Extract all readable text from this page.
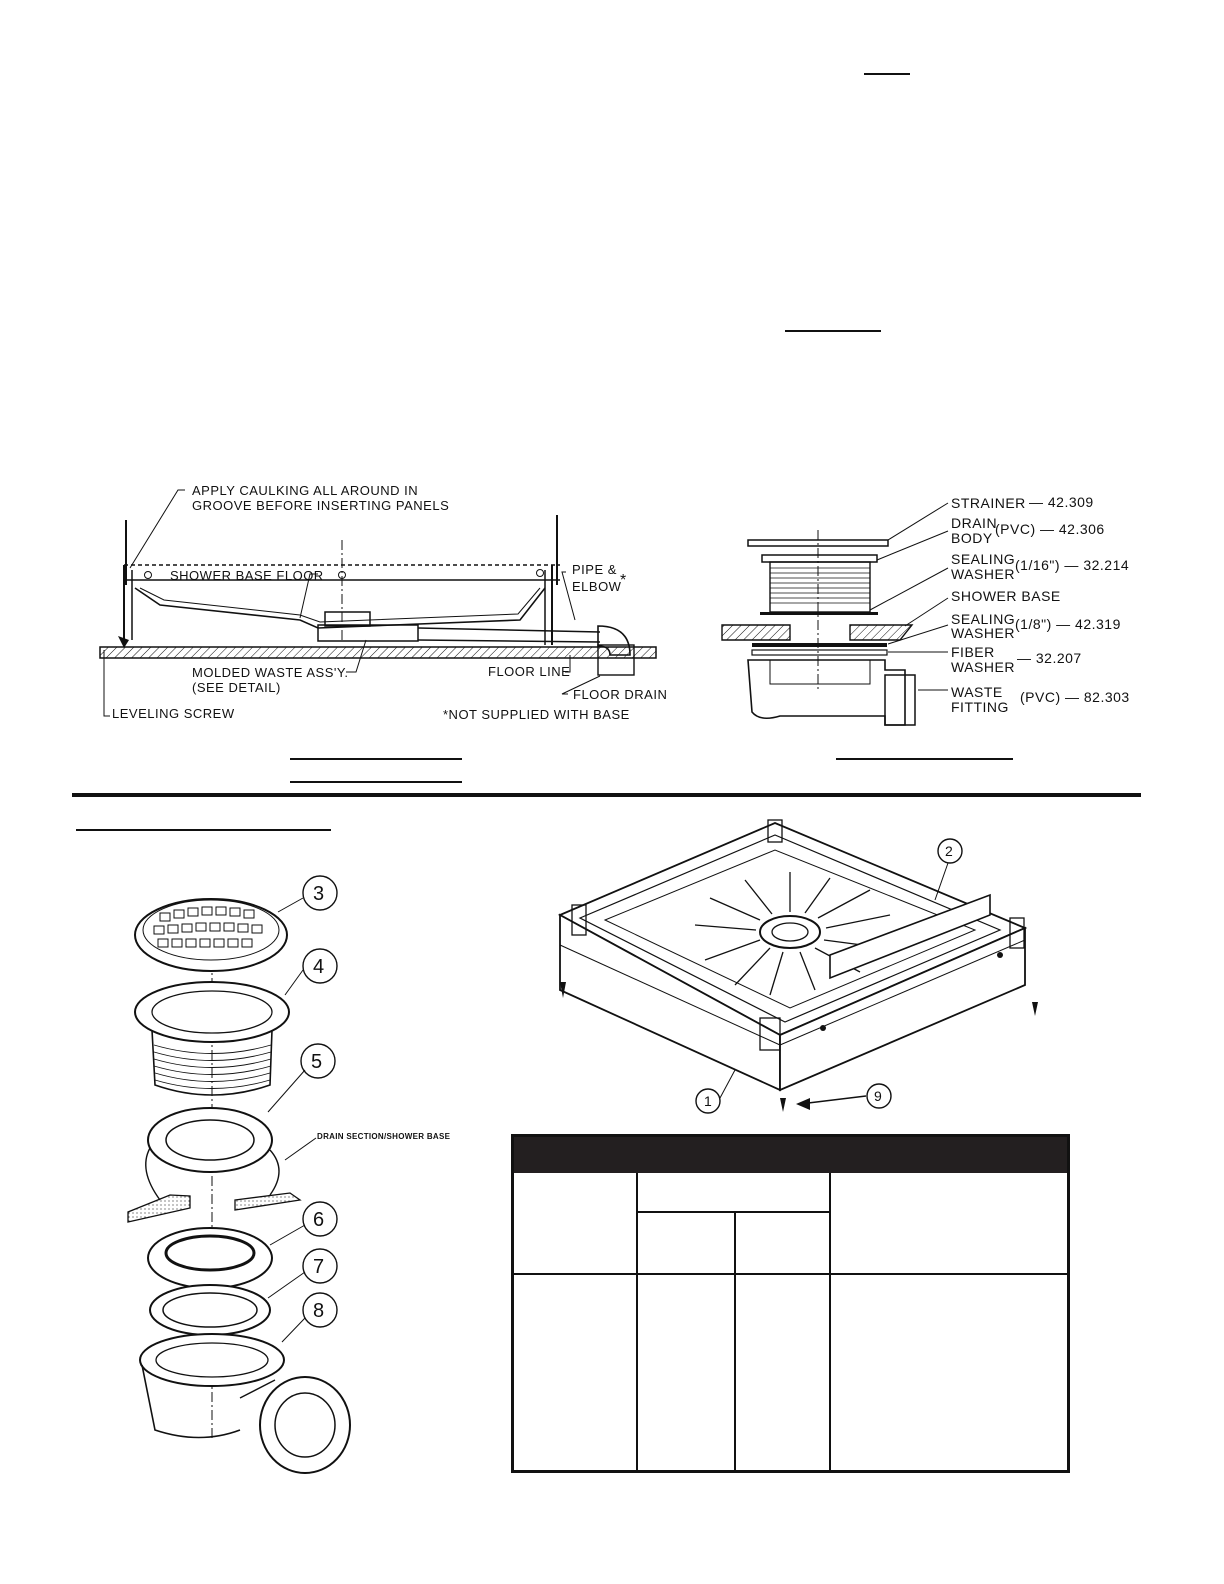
APPLY CAULKING ALL AROUND IN
GROOVE BEFORE INSERTING PANELS
SHOWER BASE FLOOR	PIPE &
ELBOW
*
MOLDED WASTE ASS'Y.
(SEE DETAIL)
FLOOR LINE
FLOOR DRAIN
LEVELING SCREW	*NOT SUPPLIED WITH BASE
STRAINER — 42.309
DRAIN
BODY
(PVC) — 42.306
SEALING
WASHER
(1/16") — 32.214
SHOWER BASE
SEALING
WASHER
(1/8") — 42.319
FIBER
WASHER
— 32.207
WASTE
FITTING
(PVC) — 82.303
3
4
5
6
7
8
DRAIN SECTION/SHOWER BASE
2
1	9
